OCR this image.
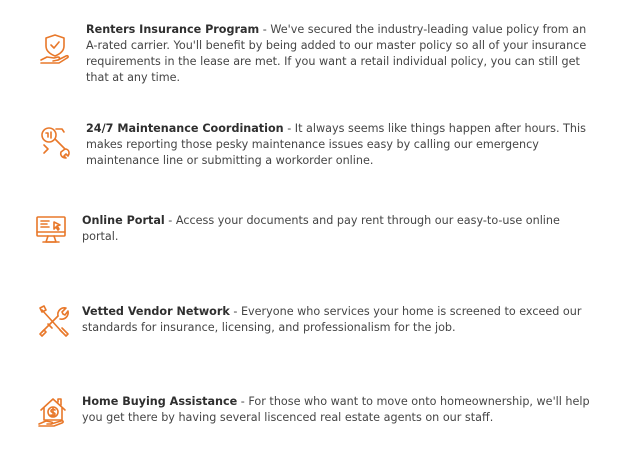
Renters Insurance Program - We've secured the industry-leading value policy from an A-rated carrier. You'll benefit by being added to our master policy so all of your insurance requirements in the lease are met. If you want a retail individual policy, you can still get that at any time.
24/7 Maintenance Coordination - It always seems like things happen after hours. This makes reporting those pesky maintenance issues easy by calling our emergency maintenance line or submitting a workorder online.
Online Portal - Access your documents and pay rent through our easy-to-use online portal.
Vetted Vendor Network - Everyone who services your home is screened to exceed our standards for insurance, licensing, and professionalism for the job.
Home Buying Assistance - For those who want to move onto homeownership, we'll help you get there by having several liscenced real estate agents on our staff.
